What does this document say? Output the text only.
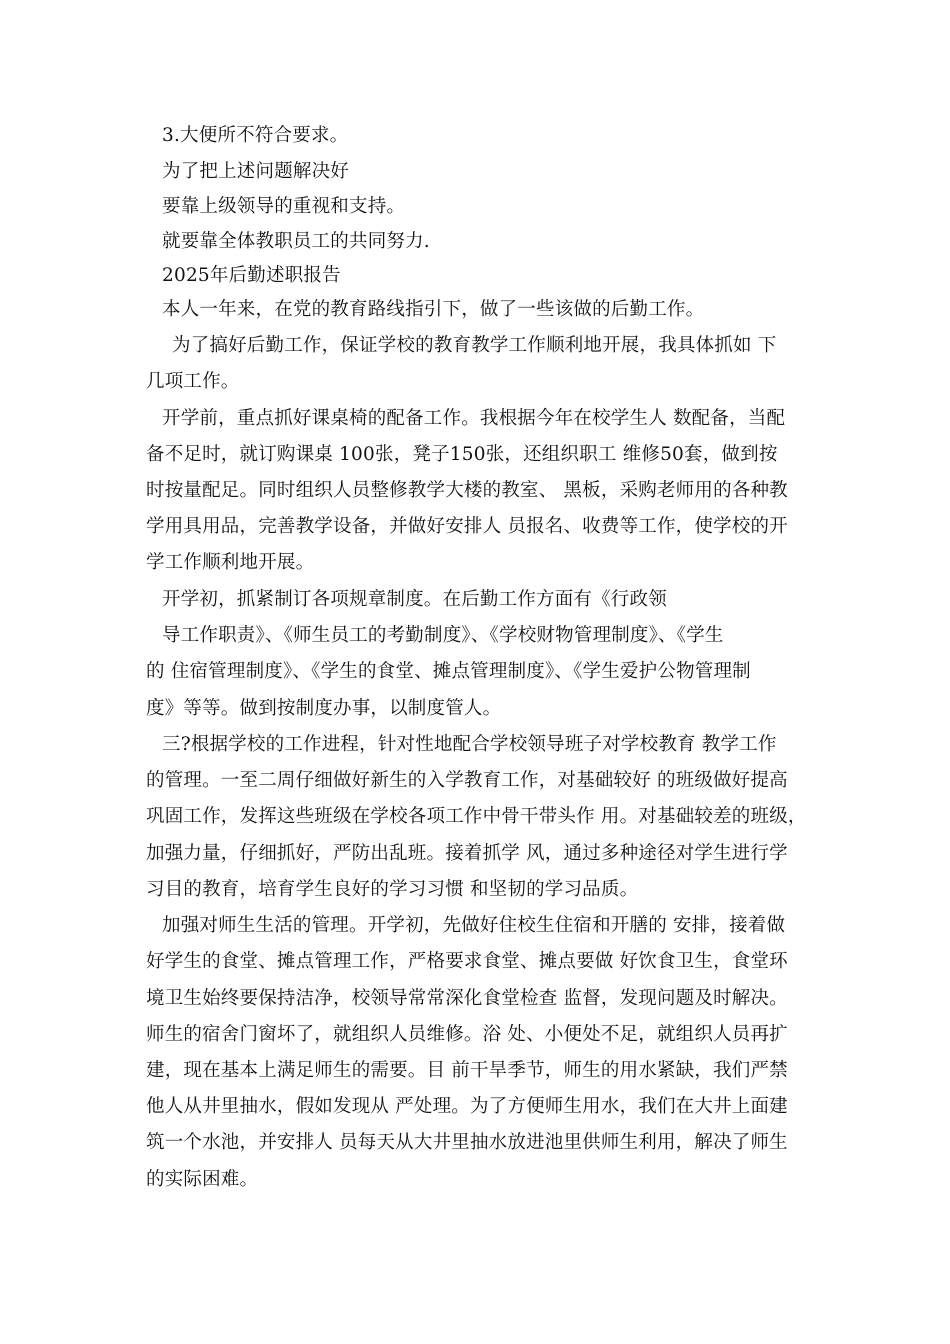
3.大便所不符合要求。
为了把上述问题解决好
要靠上级领导的重视和支持。
就要靠全体教职员工的共同努力.
2025年后勤述职报告
本人一年来，在党的教育路线指引下，做了一些该做的后勤工作。
为了搞好后勤工作，保证学校的教育教学工作顺利地开展，我具体抓如 下
几项工作。
开学前，重点抓好课桌椅的配备工作。我根据今年在校学生人 数配备，当配
备不足时，就订购课桌 100张，凳子150张，还组织职工 维修50套，做到按
时按量配足。同时组织人员整修教学大楼的教室、 黑板，采购老师用的各种教
学用具用品，完善教学设备，并做好安排人 员报名、收费等工作，使学校的开
学工作顺利地开展。
开学初，抓紧制订各项规章制度。在后勤工作方面有《行政领
导工作职责》、《师生员工的考勤制度》、《学校财物管理制度》、《学生
的 住宿管理制度》、《学生的食堂、摊点管理制度》、《学生爱护公物管理制
度》等等。做到按制度办事，以制度管人。
三?根据学校的工作进程，针对性地配合学校领导班子对学校教育 教学工作
的管理。一至二周仔细做好新生的入学教育工作，对基础较好 的班级做好提高
巩固工作，发挥这些班级在学校各项工作中骨干带头作 用。对基础较差的班级，
加强力量，仔细抓好，严防出乱班。接着抓学 风，通过多种途径对学生进行学
习目的教育，培育学生良好的学习习惯 和坚韧的学习品质。
加强对师生生活的管理。开学初，先做好住校生住宿和开膳的 安排，接着做
好学生的食堂、摊点管理工作，严格要求食堂、摊点要做 好饮食卫生，食堂环
境卫生始终要保持洁净，校领导常常深化食堂检查 监督，发现问题及时解决。
师生的宿舍门窗坏了，就组织人员维修。浴 处、小便处不足，就组织人员再扩
建，现在基本上满足师生的需要。目 前干旱季节，师生的用水紧缺，我们严禁
他人从井里抽水，假如发现从 严处理。为了方便师生用水，我们在大井上面建
筑一个水池，并安排人 员每天从大井里抽水放进池里供师生利用，解决了师生
的实际困难。
